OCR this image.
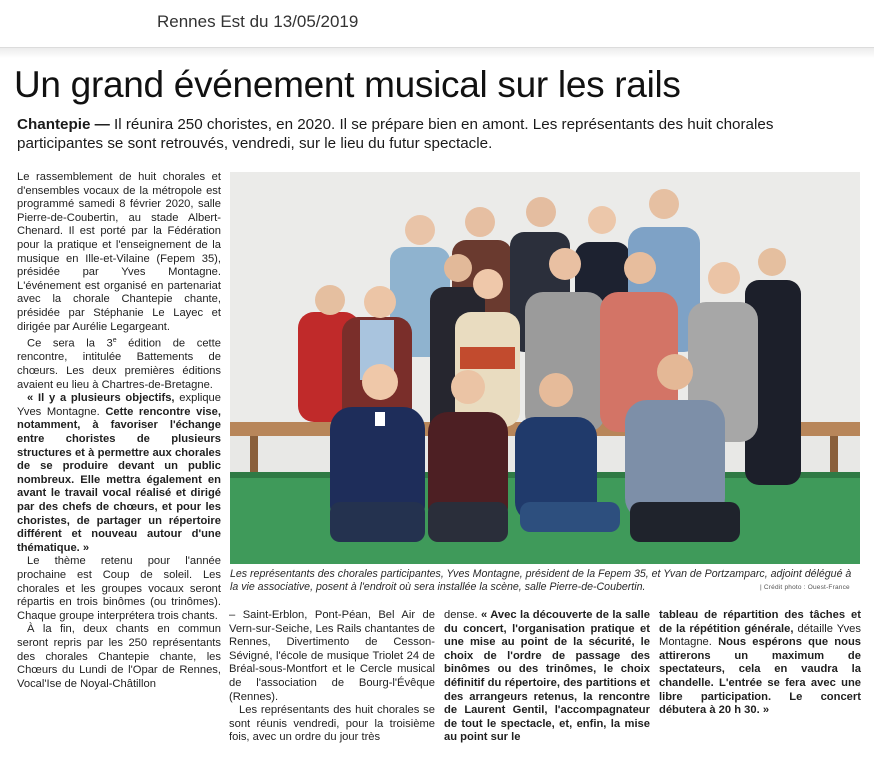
Rennes Est du 13/05/2019
Un grand événement musical sur les rails
Chantepie — Il réunira 250 choristes, en 2020. Il se prépare bien en amont. Les représentants des huit chorales participantes se sont retrouvés, vendredi, sur le lieu du futur spectacle.

Le rassemblement de huit chorales et d'ensembles vocaux de la métropole est programmé samedi 8 février 2020, salle Pierre-de-Coubertin, au stade Albert-Chenard. Il est porté par la Fédération pour la pratique et l'enseignement de la musique en Ille-et-Vilaine (Fepem 35), présidée par Yves Montagne. L'événement est organisé en partenariat avec la chorale Chantepie chante, présidée par Stéphanie Le Layec et dirigée par Aurélie Legargeant.

Ce sera la 3e édition de cette rencontre, intitulée Battements de chœurs. Les deux premières éditions avaient eu lieu à Chartres-de-Bretagne.

« Il y a plusieurs objectifs, explique Yves Montagne. Cette rencontre vise, notamment, à favoriser l'échange entre choristes de plusieurs structures et à permettre aux chorales de se produire devant un public nombreux. Elle mettra également en avant le travail vocal réalisé et dirigé par des chefs de chœurs, et pour les choristes, de partager un répertoire différent et nouveau autour d'une thématique. »

Le thème retenu pour l'année prochaine est Coup de soleil. Les chorales et les groupes vocaux seront répartis en trois binômes (ou trinômes). Chaque groupe interprétera trois chants.

À la fin, deux chants en commun seront repris par les 250 représentants des chorales Chantepie chante, les Chœurs du Lundi de l'Opar de Rennes, Vocal'Ise de Noyal-Châtillon

Les représentants des chorales participantes, Yves Montagne, président de la Fepem 35, et Yvan de Portzamparc, adjoint délégué à la vie associative, posent à l'endroit où sera installée la scène, salle Pierre-de-Coubertin.	| Crédit photo : Ouest-France

– Saint-Erblon, Pont-Péan, Bel Air de Vern-sur-Seiche, Les Rails chantantes de Rennes, Divertimento de Cesson-Sévigné, l'école de musique Triolet 24 de Bréal-sous-Montfort et le Cercle musical de l'association de Bourg-l'Évêque (Rennes).

Les représentants des huit chorales se sont réunis vendredi, pour la troisième fois, avec un ordre du jour très

dense. « Avec la découverte de la salle du concert, l'organisation pratique et une mise au point de la sécurité, le choix de l'ordre de passage des binômes ou des trinômes, le choix définitif du répertoire, des partitions et des arrangeurs retenus, la rencontre de Laurent Gentil, l'accompagnateur de tout le spectacle, et, enfin, la mise au point sur le

tableau de répartition des tâches et de la répétition générale, détaille Yves Montagne. Nous espérons que nous attirerons un maximum de spectateurs, cela en vaudra la chandelle. L'entrée se fera avec une libre participation. Le concert débutera à 20 h 30. »
